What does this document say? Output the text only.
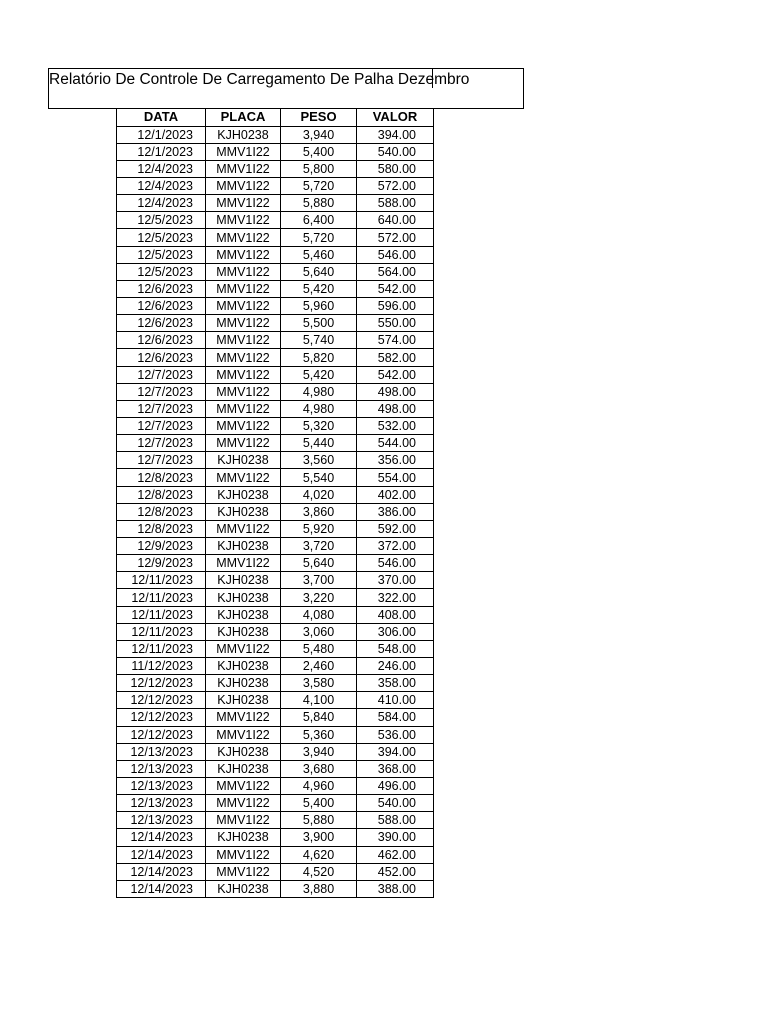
Relatório De Controle De Carregamento De Palha Dezembro
DATA	PLACA	PESO	VALOR
12/1/2023	KJH0238	3,940	394.00
12/1/2023	MMV1I22	5,400	540.00
12/4/2023	MMV1I22	5,800	580.00
12/4/2023	MMV1I22	5,720	572.00
12/4/2023	MMV1I22	5,880	588.00
12/5/2023	MMV1I22	6,400	640.00
12/5/2023	MMV1I22	5,720	572.00
12/5/2023	MMV1I22	5,460	546.00
12/5/2023	MMV1I22	5,640	564.00
12/6/2023	MMV1I22	5,420	542.00
12/6/2023	MMV1I22	5,960	596.00
12/6/2023	MMV1I22	5,500	550.00
12/6/2023	MMV1I22	5,740	574.00
12/6/2023	MMV1I22	5,820	582.00
12/7/2023	MMV1I22	5,420	542.00
12/7/2023	MMV1I22	4,980	498.00
12/7/2023	MMV1I22	4,980	498.00
12/7/2023	MMV1I22	5,320	532.00
12/7/2023	MMV1I22	5,440	544.00
12/7/2023	KJH0238	3,560	356.00
12/8/2023	MMV1I22	5,540	554.00
12/8/2023	KJH0238	4,020	402.00
12/8/2023	KJH0238	3,860	386.00
12/8/2023	MMV1I22	5,920	592.00
12/9/2023	KJH0238	3,720	372.00
12/9/2023	MMV1I22	5,640	546.00
12/11/2023	KJH0238	3,700	370.00
12/11/2023	KJH0238	3,220	322.00
12/11/2023	KJH0238	4,080	408.00
12/11/2023	KJH0238	3,060	306.00
12/11/2023	MMV1I22	5,480	548.00
11/12/2023	KJH0238	2,460	246.00
12/12/2023	KJH0238	3,580	358.00
12/12/2023	KJH0238	4,100	410.00
12/12/2023	MMV1I22	5,840	584.00
12/12/2023	MMV1I22	5,360	536.00
12/13/2023	KJH0238	3,940	394.00
12/13/2023	KJH0238	3,680	368.00
12/13/2023	MMV1I22	4,960	496.00
12/13/2023	MMV1I22	5,400	540.00
12/13/2023	MMV1I22	5,880	588.00
12/14/2023	KJH0238	3,900	390.00
12/14/2023	MMV1I22	4,620	462.00
12/14/2023	MMV1I22	4,520	452.00
12/14/2023	KJH0238	3,880	388.00
